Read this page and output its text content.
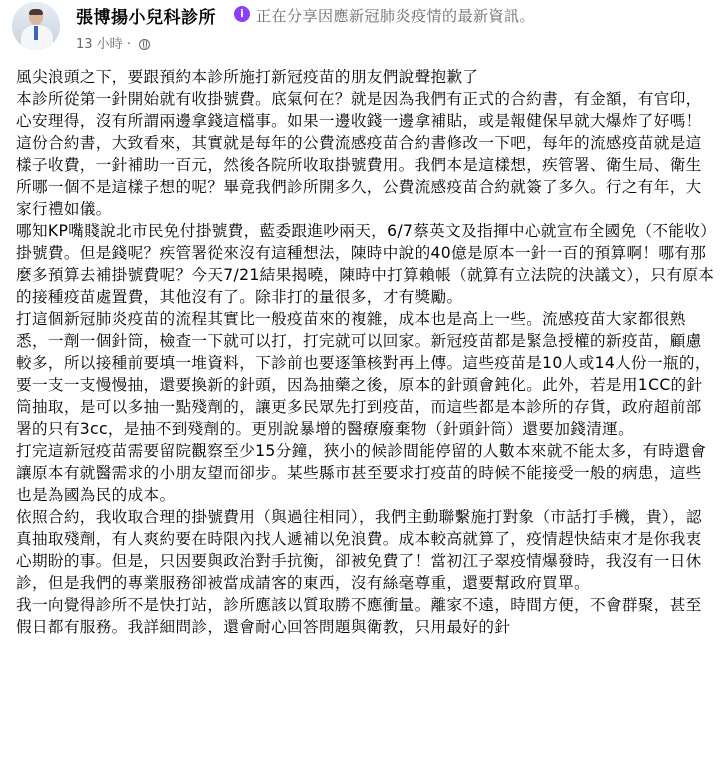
張博揚小兒科診所	i 正在分享因應新冠肺炎疫情的最新資訊。
13 小時 ·

風尖浪頭之下，要跟預約本診所施打新冠疫苗的朋友們說聲抱歉了

本診所從第一針開始就有收掛號費。底氣何在？就是因為我們有正式的合約書，有金額，有官印，心安理得，沒有所謂兩邊拿錢這檔事。如果一邊收錢一邊拿補貼，或是報健保早就大爆炸了好嗎！

這份合約書，大致看來，其實就是每年的公費流感疫苗合約書修改一下吧，每年的流感疫苗就是這樣子收費，一針補助一百元，然後各院所收取掛號費用。我們本是這樣想，疾管署、衛生局、衛生所哪一個不是這樣子想的呢？畢竟我們診所開多久，公費流感疫苗合約就簽了多久。行之有年，大家行禮如儀。

哪知KP嘴賤說北市民免付掛號費，藍委跟進吵兩天，6/7蔡英文及指揮中心就宣布全國免（不能收）掛號費。但是錢呢？疾管署從來沒有這種想法，陳時中說的40億是原本一針一百的預算啊！哪有那麼多預算去補掛號費呢？今天7/21結果揭曉，陳時中打算賴帳（就算有立法院的決議文），只有原本的接種疫苗處置費，其他沒有了。除非打的量很多，才有獎勵。

打這個新冠肺炎疫苗的流程其實比一般疫苗來的複雜，成本也是高上一些。流感疫苗大家都很熟悉，一劑一個針筒，檢查一下就可以打，打完就可以回家。新冠疫苗都是緊急授權的新疫苗，顧慮較多，所以接種前要填一堆資料，下診前也要逐筆核對再上傳。這些疫苗是10人或14人份一瓶的，要一支一支慢慢抽，還要換新的針頭，因為抽藥之後，原本的針頭會鈍化。此外，若是用1CC的針筒抽取，是可以多抽一點殘劑的，讓更多民眾先打到疫苗，而這些都是本診所的存貨，政府超前部署的只有3cc，是抽不到殘劑的。更別說暴增的醫療廢棄物（針頭針筒）還要加錢清運。

打完這新冠疫苗需要留院觀察至少15分鐘，狹小的候診間能停留的人數本來就不能太多，有時還會讓原本有就醫需求的小朋友望而卻步。某些縣市甚至要求打疫苗的時候不能接受一般的病患，這些也是為國為民的成本。

依照合約，我收取合理的掛號費用（與過往相同），我們主動聯繫施打對象（市話打手機，貴），認真抽取殘劑，有人爽約要在時限內找人遞補以免浪費。成本較高就算了，疫情趕快結束才是你我衷心期盼的事。但是，只因要與政治對手抗衡，卻被免費了！當初江子翠疫情爆發時，我沒有一日休診，但是我們的專業服務卻被當成請客的東西，沒有絲毫尊重，還要幫政府買單。

我一向覺得診所不是快打站，診所應該以質取勝不應衝量。離家不遠，時間方便，不會群聚，甚至假日都有服務。我詳細問診，還會耐心回答問題與衛教，只用最好的針
